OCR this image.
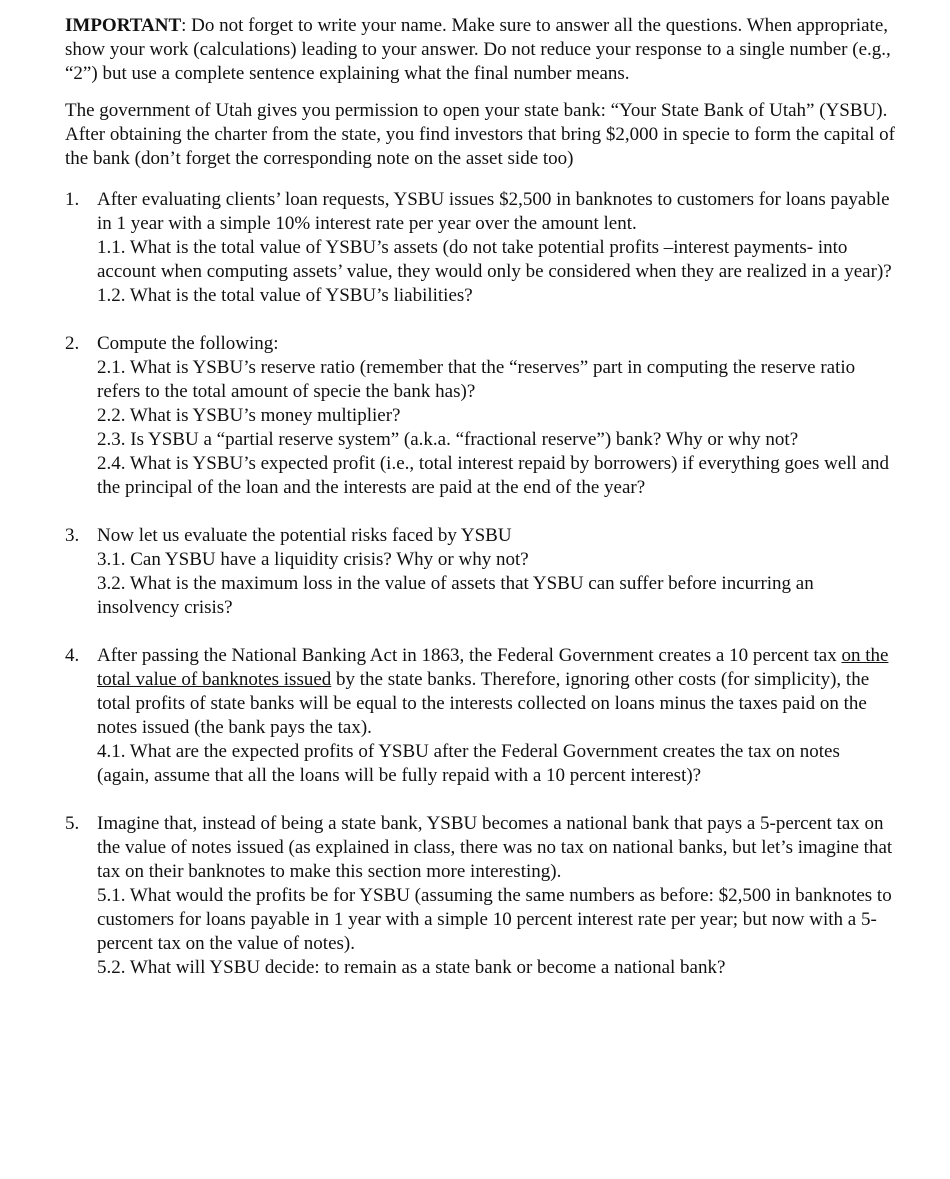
IMPORTANT: Do not forget to write your name. Make sure to answer all the questions. When appropriate, show your work (calculations) leading to your answer. Do not reduce your response to a single number (e.g., “2”) but use a complete sentence explaining what the final number means.

The government of Utah gives you permission to open your state bank: “Your State Bank of Utah” (YSBU). After obtaining the charter from the state, you find investors that bring $2,000 in specie to form the capital of the bank (don’t forget the corresponding note on the asset side too)

1. After evaluating clients’ loan requests, YSBU issues $2,500 in banknotes to customers for loans payable in 1 year with a simple 10% interest rate per year over the amount lent.
1.1. What is the total value of YSBU’s assets (do not take potential profits –interest payments- into account when computing assets’ value, they would only be considered when they are realized in a year)?
1.2. What is the total value of YSBU’s liabilities?
2. Compute the following:
2.1. What is YSBU’s reserve ratio (remember that the “reserves” part in computing the reserve ratio refers to the total amount of specie the bank has)?
2.2. What is YSBU’s money multiplier?
2.3. Is YSBU a “partial reserve system” (a.k.a. “fractional reserve”) bank? Why or why not?
2.4. What is YSBU’s expected profit (i.e., total interest repaid by borrowers) if everything goes well and the principal of the loan and the interests are paid at the end of the year?
3. Now let us evaluate the potential risks faced by YSBU
3.1. Can YSBU have a liquidity crisis? Why or why not?
3.2. What is the maximum loss in the value of assets that YSBU can suffer before incurring an insolvency crisis?
4. After passing the National Banking Act in 1863, the Federal Government creates a 10 percent tax on the total value of banknotes issued by the state banks. Therefore, ignoring other costs (for simplicity), the total profits of state banks will be equal to the interests collected on loans minus the taxes paid on the notes issued (the bank pays the tax).
4.1. What are the expected profits of YSBU after the Federal Government creates the tax on notes (again, assume that all the loans will be fully repaid with a 10 percent interest)?
5. Imagine that, instead of being a state bank, YSBU becomes a national bank that pays a 5-percent tax on the value of notes issued (as explained in class, there was no tax on national banks, but let’s imagine that tax on their banknotes to make this section more interesting).
5.1. What would the profits be for YSBU (assuming the same numbers as before: $2,500 in banknotes to customers for loans payable in 1 year with a simple 10 percent interest rate per year; but now with a 5-percent tax on the value of notes).
5.2. What will YSBU decide: to remain as a state bank or become a national bank?
